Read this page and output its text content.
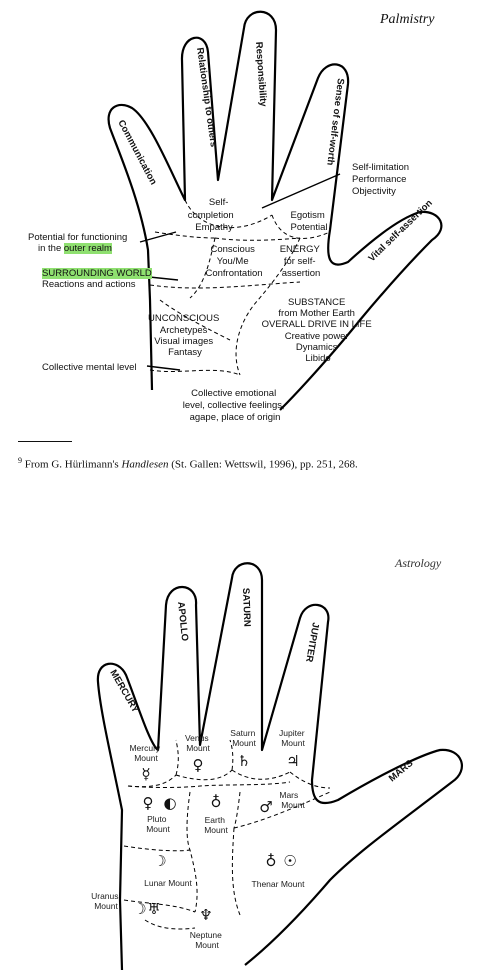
Palmistry
Communication
Relationship to others	Responsibility
Sense of self-worth
Vital self-assertion
Self- completion Empathy
Egotism Potential
Self-limitation Performance Objectivity
Conscious You/Me Confrontation
ENERGY for self- assertion
SUBSTANCE from Mother Earth OVERALL DRIVE IN LIFE Creative power Dynamics Libido
UNCONSCIOUS Archetypes Visual images Fantasy
Collective mental level
Collective emotional level, collective feelings, agape, place of origin
Potential for functioning
in the outer realm
SURROUNDING WORLD
Reactions and actions
$^9$ From G. Hürlimann's Handlesen (St. Gallen: Wettswil, 1996), pp. 251, 268.
Astrology
MERCURY
APOLLO	SATURN
JUPITER
MARS
Mercury Mount
☿
Venus Mount
♀
Saturn Mount
♄
Jupiter Mount
♃
♀ ◐
Pluto Mount
♁
Earth Mount
Mars Mount
♂
☽
Lunar Mount
♁ ☉
Thenar Mount
Uranus Mount ☽ ♅	♆
Neptune Mount
